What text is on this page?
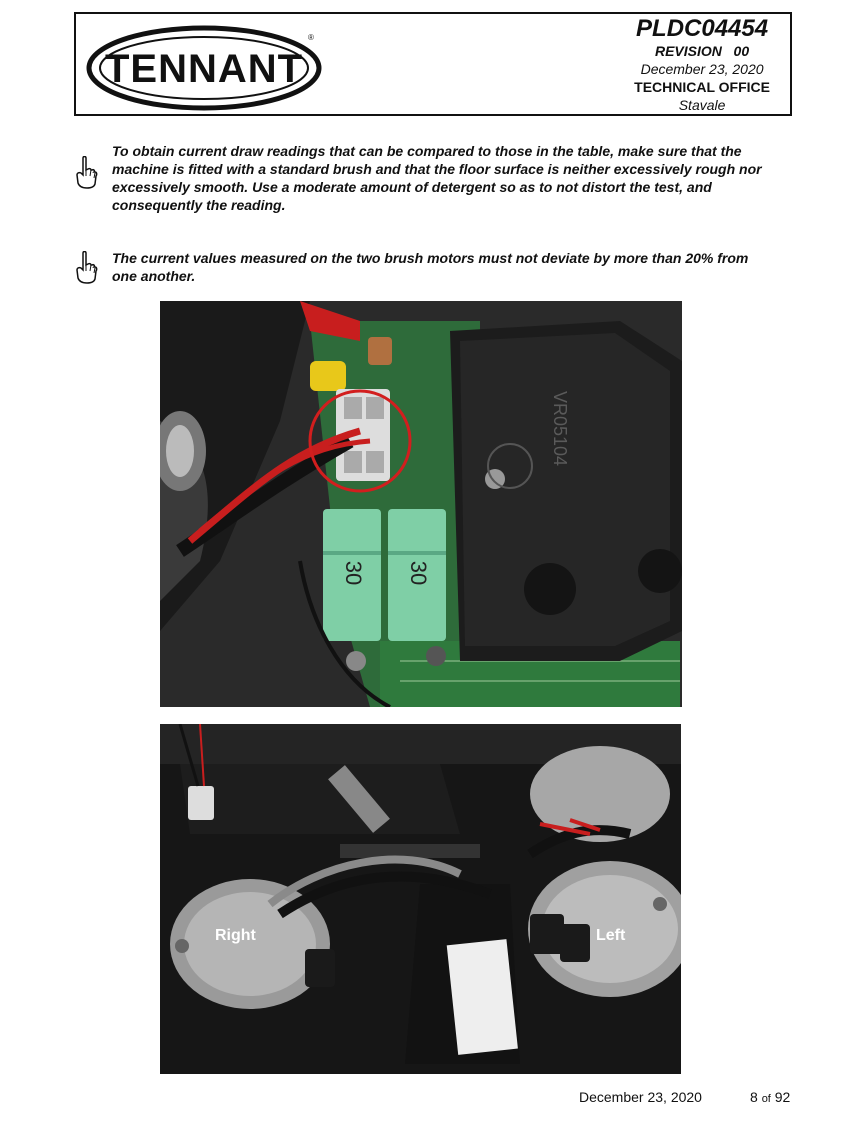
TENNANT
®	PLDC04454
REVISION   00
December 23, 2020
TECHNICAL OFFICE
Stavale
To obtain current draw readings that can be compared to those in the table, make sure that the machine is fitted with a standard brush and that the floor surface is neither excessively rough nor excessively smooth. Use a moderate amount of detergent so as to not distort the test, and consequently the reading.
The current values measured on the two brush motors must not deviate by more than 20% from one another.
VR05104
30 30
Right	Left
December 23, 2020	8 of 92
